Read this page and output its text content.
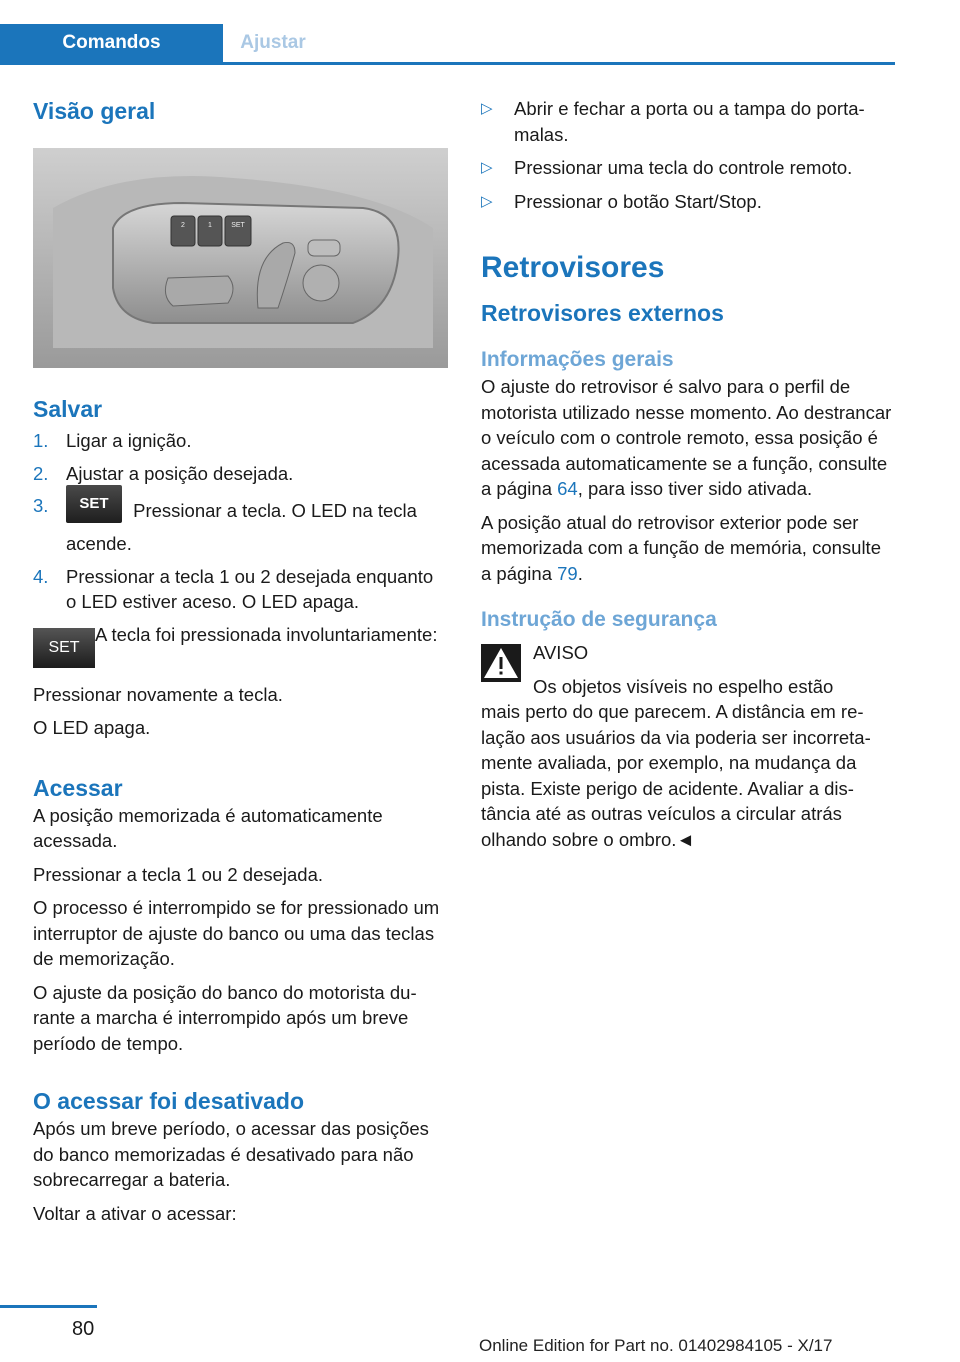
Comandos	Ajustar

Visão geral

2	1	SET

Salvar

1. Ligar a ignição.
2. Ajustar a posição desejada.
3. SET Pressionar a tecla. O LED na tecla acende.
4. Pressionar a tecla 1 ou 2 desejada enquanto o LED estiver aceso. O LED apaga.
SET

A tecla foi pressionada involuntariamente:

Pressionar novamente a tecla.

O LED apaga.

Acessar

A posição memorizada é automaticamente acessada.

Pressionar a tecla 1 ou 2 desejada.

O processo é interrompido se for pressionado um interruptor de ajuste do banco ou uma das teclas de memorização.

O ajuste da posição do banco do motorista durante a marcha é interrompido após um breve período de tempo.

O acessar foi desativado

Após um breve período, o acessar das posições do banco memorizadas é desativado para não sobrecarregar a bateria.

Voltar a ativar o acessar:

▷ Abrir e fechar a porta ou a tampa do porta-malas.
▷ Pressionar uma tecla do controle remoto.
▷ Pressionar o botão Start/Stop.

Retrovisores

Retrovisores externos

Informações gerais

O ajuste do retrovisor é salvo para o perfil de motorista utilizado nesse momento. Ao destrancar o veículo com o controle remoto, essa posição é acessada automaticamente se a função, consulte a página 64, para isso tiver sido ativada.

A posição atual do retrovisor exterior pode ser memorizada com a função de memória, consulte a página 79.

Instrução de segurança

AVISO

Os objetos visíveis no espelho estão

mais perto do que parecem. A distância em relação aos usuários da via poderia ser incorretamente avaliada, por exemplo, na mudança da pista. Existe perigo de acidente. Avaliar a distância até as outras veículos a circular atrás olhando sobre o ombro.◄

80
Online Edition for Part no. 01402984105 - X/17
